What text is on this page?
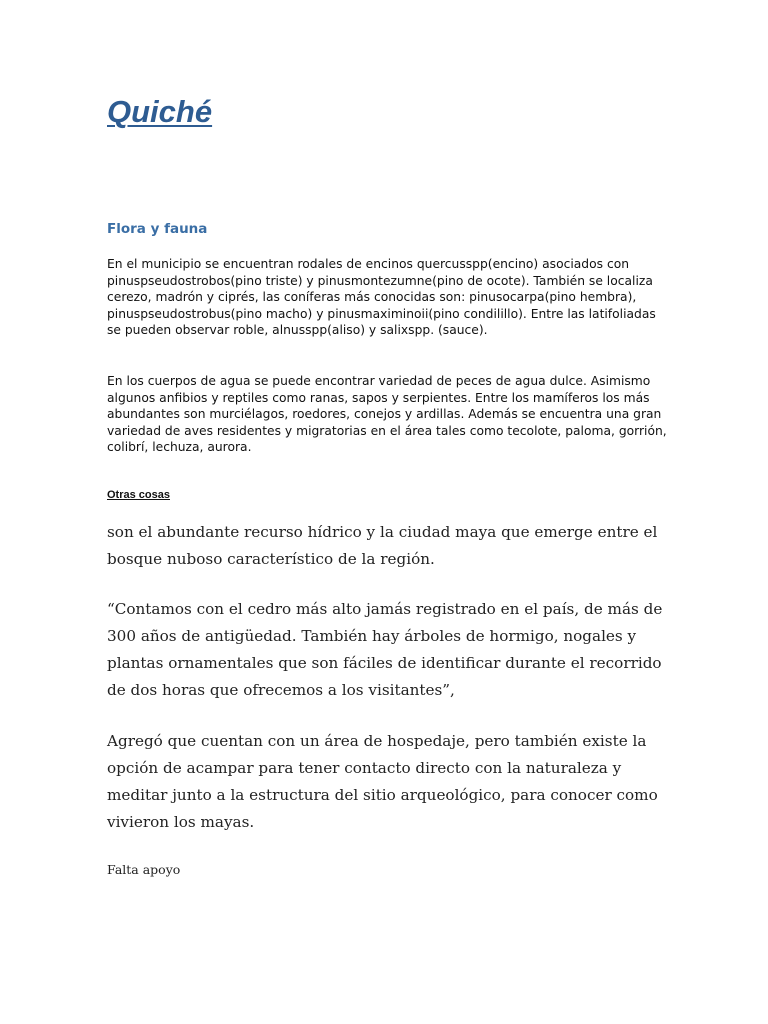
Quiché
Flora y fauna

En el municipio se encuentran rodales de encinos quercusspp(encino) asociados con pinuspseudostrobos(pino triste) y pinusmontezumne(pino de ocote). También se localiza cerezo, madrón y ciprés, las coníferas más conocidas son: pinusocarpa(pino hembra), pinuspseudostrobus(pino macho) y pinusmaximinoii(pino condilillo). Entre las latifoliadas se pueden observar roble, alnusspp(aliso) y salixspp. (sauce).

En los cuerpos de agua se puede encontrar variedad de peces de agua dulce. Asimismo algunos anfibios y reptiles como ranas, sapos y serpientes. Entre los mamíferos los más abundantes son murciélagos, roedores, conejos y ardillas. Además se encuentra una gran variedad de aves residentes y migratorias en el área tales como tecolote, paloma, gorrión, colibrí, lechuza, aurora.

Otras cosas

son el abundante recurso hídrico y la ciudad maya que emerge entre el bosque nuboso característico de la región.

“Contamos con el cedro más alto jamás registrado en el país, de más de 300 años de antigüedad. También hay árboles de hormigo, nogales y plantas ornamentales que son fáciles de identificar durante el recorrido de dos horas que ofrecemos a los visitantes”,

Agregó que cuentan con un área de hospedaje, pero también existe la opción de acampar para tener contacto directo con la naturaleza y meditar junto a la estructura del sitio arqueológico, para conocer como vivieron los mayas.

Falta apoyo
